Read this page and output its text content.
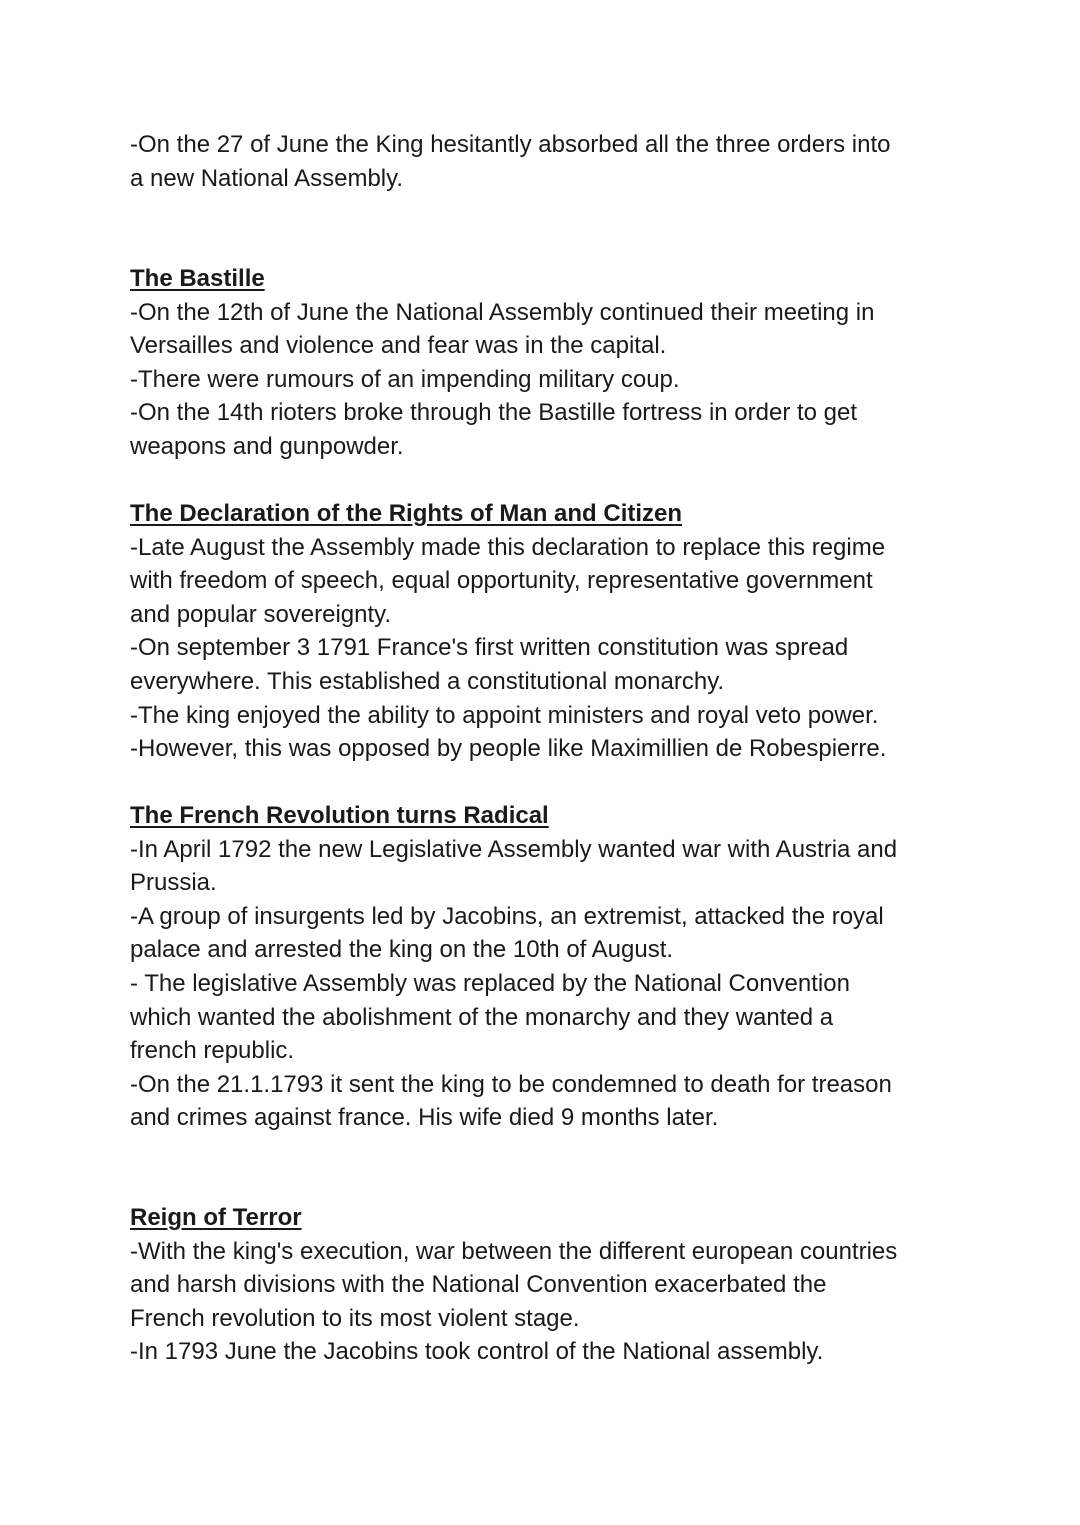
-On the 27 of June the King hesitantly absorbed all the three orders into
a new National Assembly.

The Bastille

-On the 12th of June the National Assembly continued their meeting in
Versailles and violence and fear was in the capital.
-There were rumours of an impending military coup.
-On the 14th rioters broke through the Bastille fortress in order to get
weapons and gunpowder.

The Declaration of the Rights of Man and Citizen

-Late August the Assembly made this declaration to replace this regime
with freedom of speech, equal opportunity, representative government
and popular sovereignty.
-On september 3 1791 France's first written constitution was spread
everywhere. This established a constitutional monarchy.
-The king enjoyed the ability to appoint ministers and royal veto power.
-However, this was opposed by people like Maximillien de Robespierre.

The French Revolution turns Radical

-In April 1792 the new Legislative Assembly wanted war with Austria and
Prussia.
-A group of insurgents led by Jacobins, an extremist, attacked the royal
palace and arrested the king on the 10th of August.
- The legislative Assembly was replaced by the National Convention
which wanted the abolishment of the monarchy and they wanted a
french republic.
-On the 21.1.1793 it sent the king to be condemned to death for treason
and crimes against france. His wife died 9 months later.

Reign of Terror

-With the king's execution, war between the different european countries
and harsh divisions with the National Convention exacerbated the
French revolution to its most violent stage.
-In 1793 June the Jacobins took control of the National assembly.
